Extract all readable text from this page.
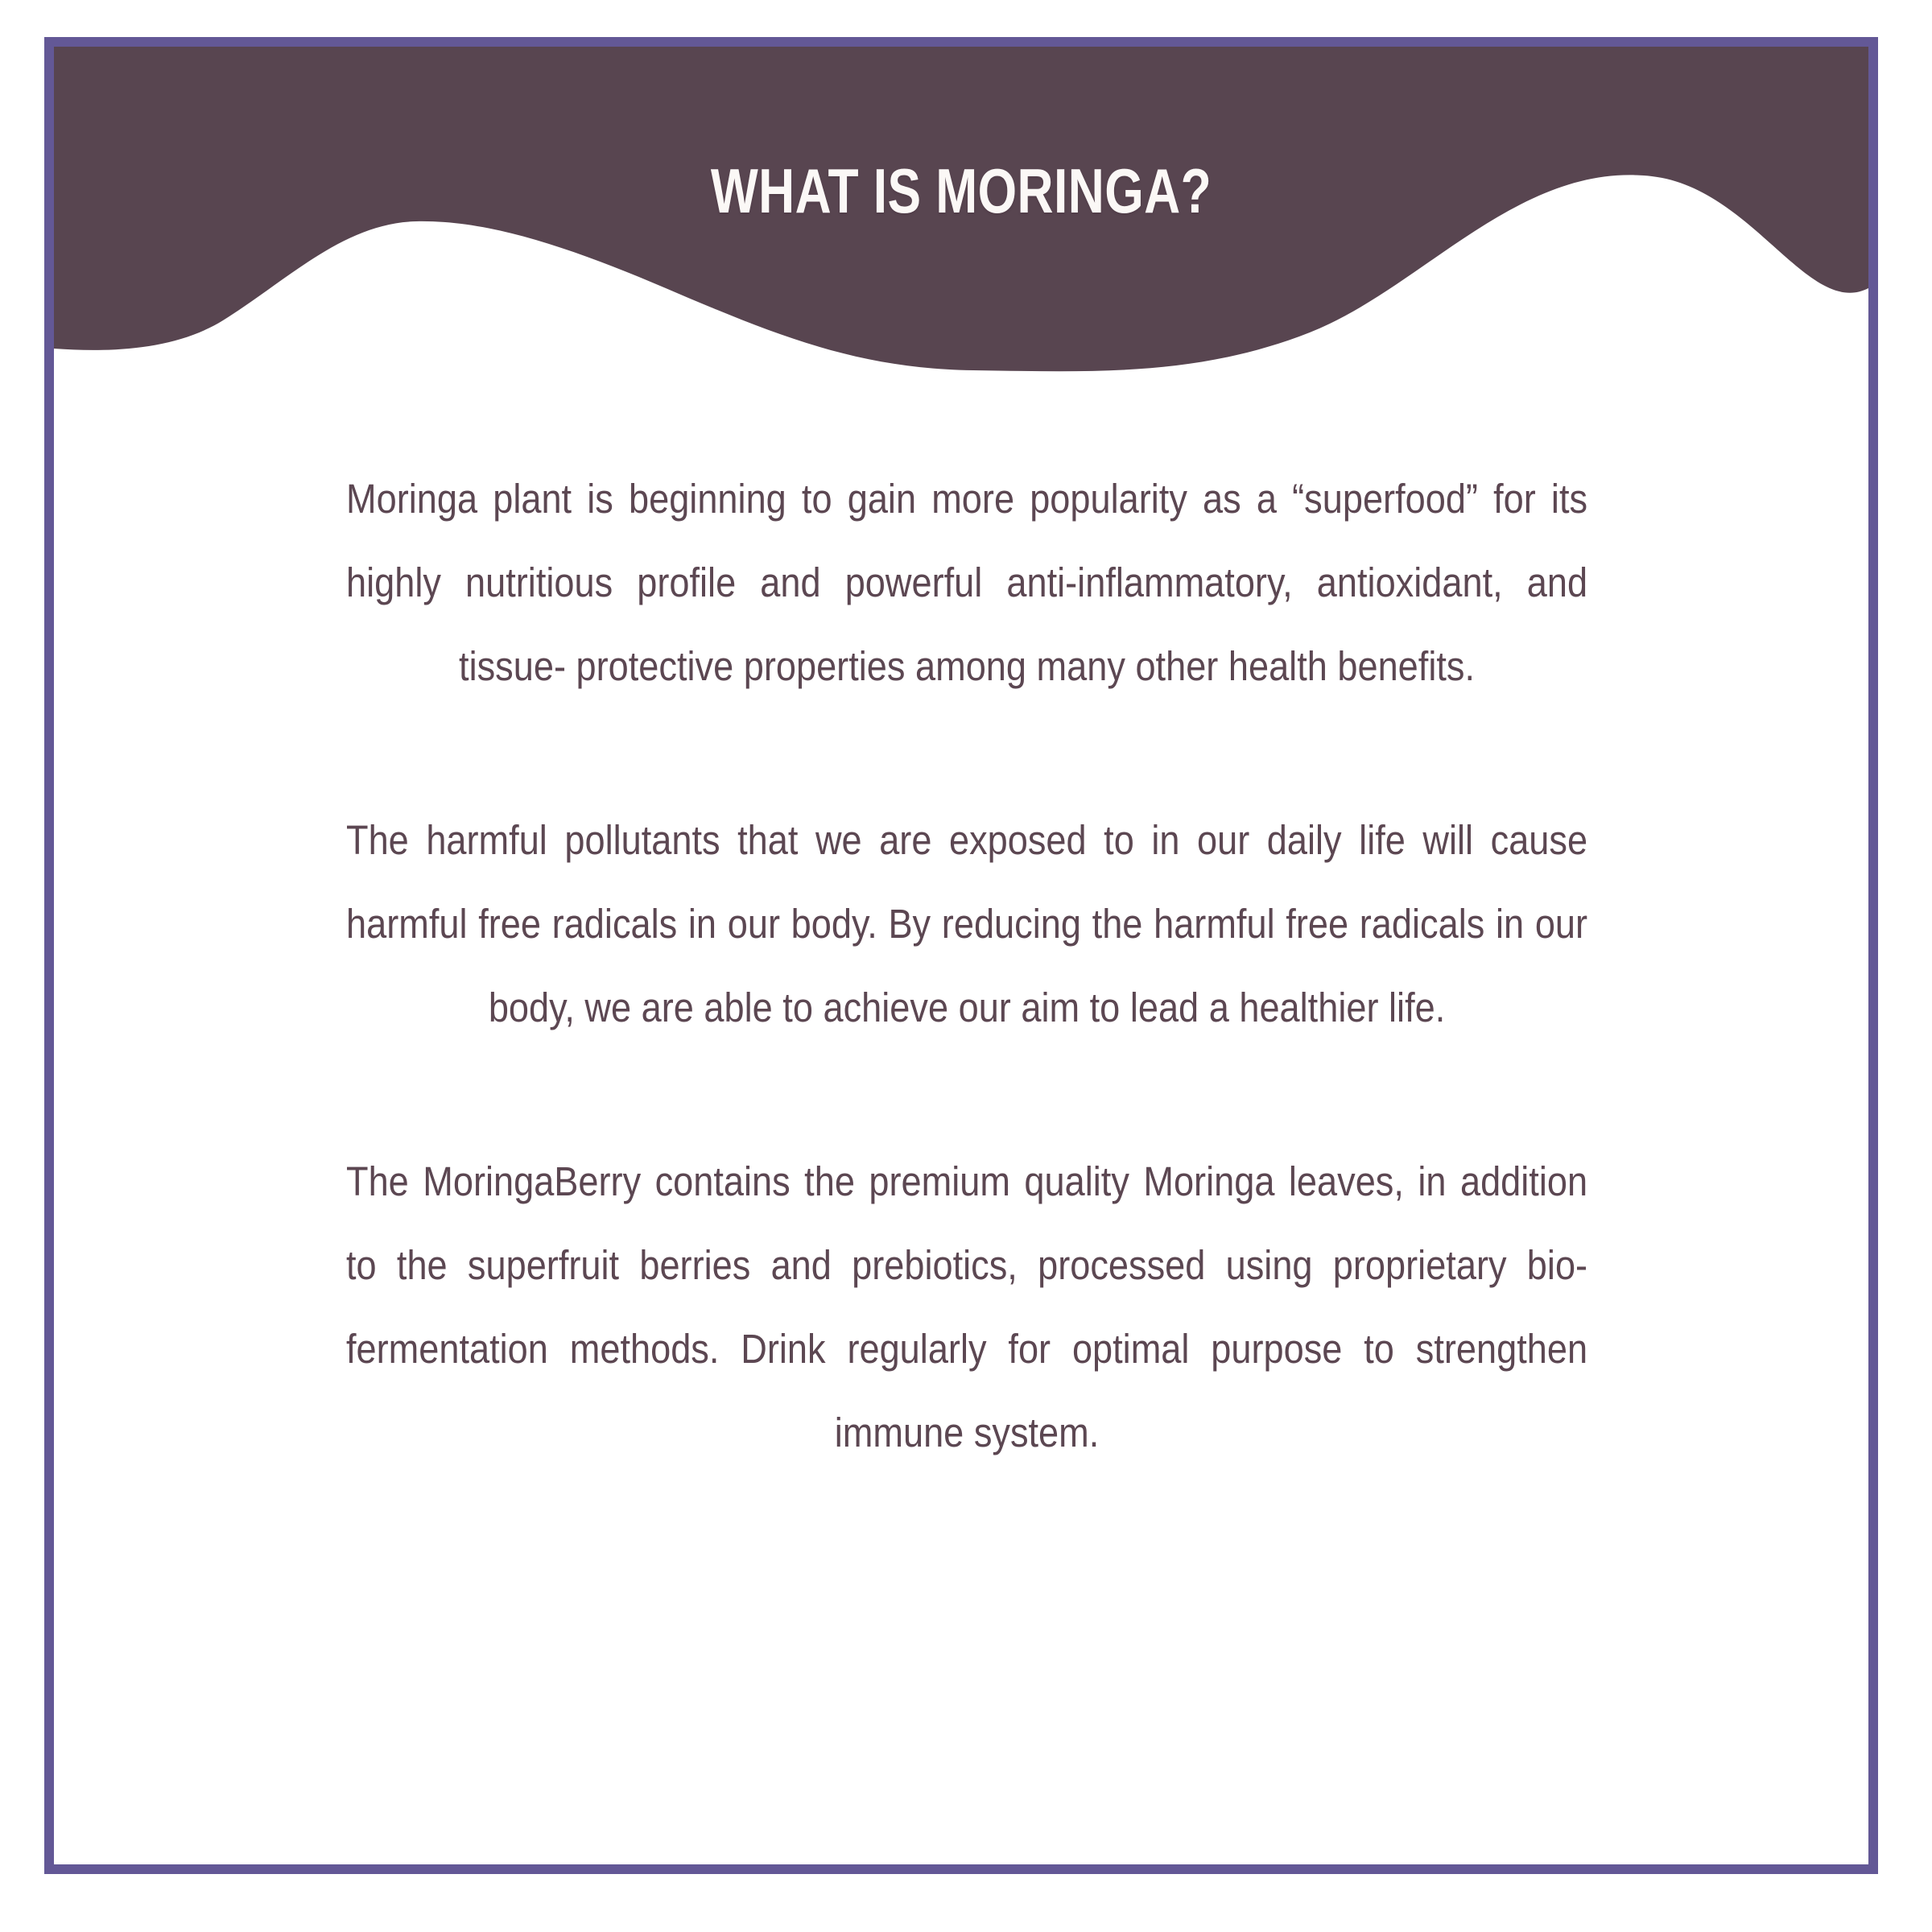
WHAT IS MORINGA?

Moringa plant is beginning to gain more popularity as a “superfood” for its highly nutritious profile and powerful anti-inflammatory, antioxidant, and tissue- protective properties among many other health benefits.

The harmful pollutants that we are exposed to in our daily life will cause harmful free radicals in our body. By reducing the harmful free radicals in our body, we are able to achieve our aim to lead a healthier life.

The MoringaBerry contains the premium quality Moringa leaves, in addition to the superfruit berries and prebiotics, processed using proprietary bio-fermentation methods. Drink regularly for optimal purpose to strengthen immune system.
